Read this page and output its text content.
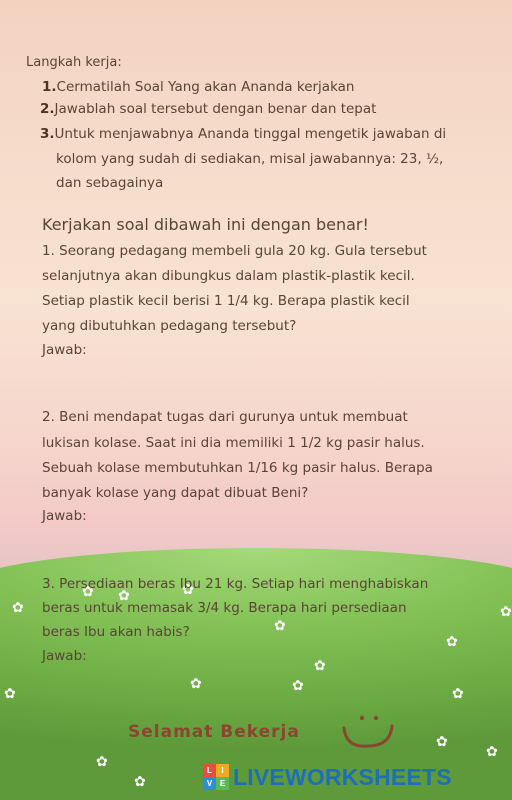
✿
✿
✿
✿
✿
✿
✿
✿
✿
✿
✿
✿
✿
✿
✿
✿
Langkah kerja:
1.Cermatilah Soal Yang akan Ananda kerjakan
2.Jawablah soal tersebut dengan benar dan tepat
3.Untuk menjawabnya Ananda tinggal mengetik jawaban di
kolom yang sudah di sediakan, misal jawabannya: 23, ½,
dan sebagainya
Kerjakan soal dibawah ini dengan benar!
1. Seorang pedagang membeli gula 20 kg. Gula tersebut
selanjutnya akan dibungkus dalam plastik-plastik kecil.
Setiap plastik kecil berisi 1 1/4 kg. Berapa plastik kecil
yang dibutuhkan pedagang tersebut?
Jawab:
2. Beni mendapat tugas dari gurunya untuk membuat
lukisan kolase. Saat ini dia memiliki 1 1/2 kg pasir halus.
Sebuah kolase membutuhkan 1/16 kg pasir halus. Berapa
banyak kolase yang dapat dibuat Beni?
Jawab:
3. Persediaan beras Ibu 21 kg. Setiap hari menghabiskan
beras untuk memasak 3/4 kg. Berapa hari persediaan
beras Ibu akan habis?
Jawab:
Selamat Bekerja
L	I
V E LIVEWORKSHEETS
